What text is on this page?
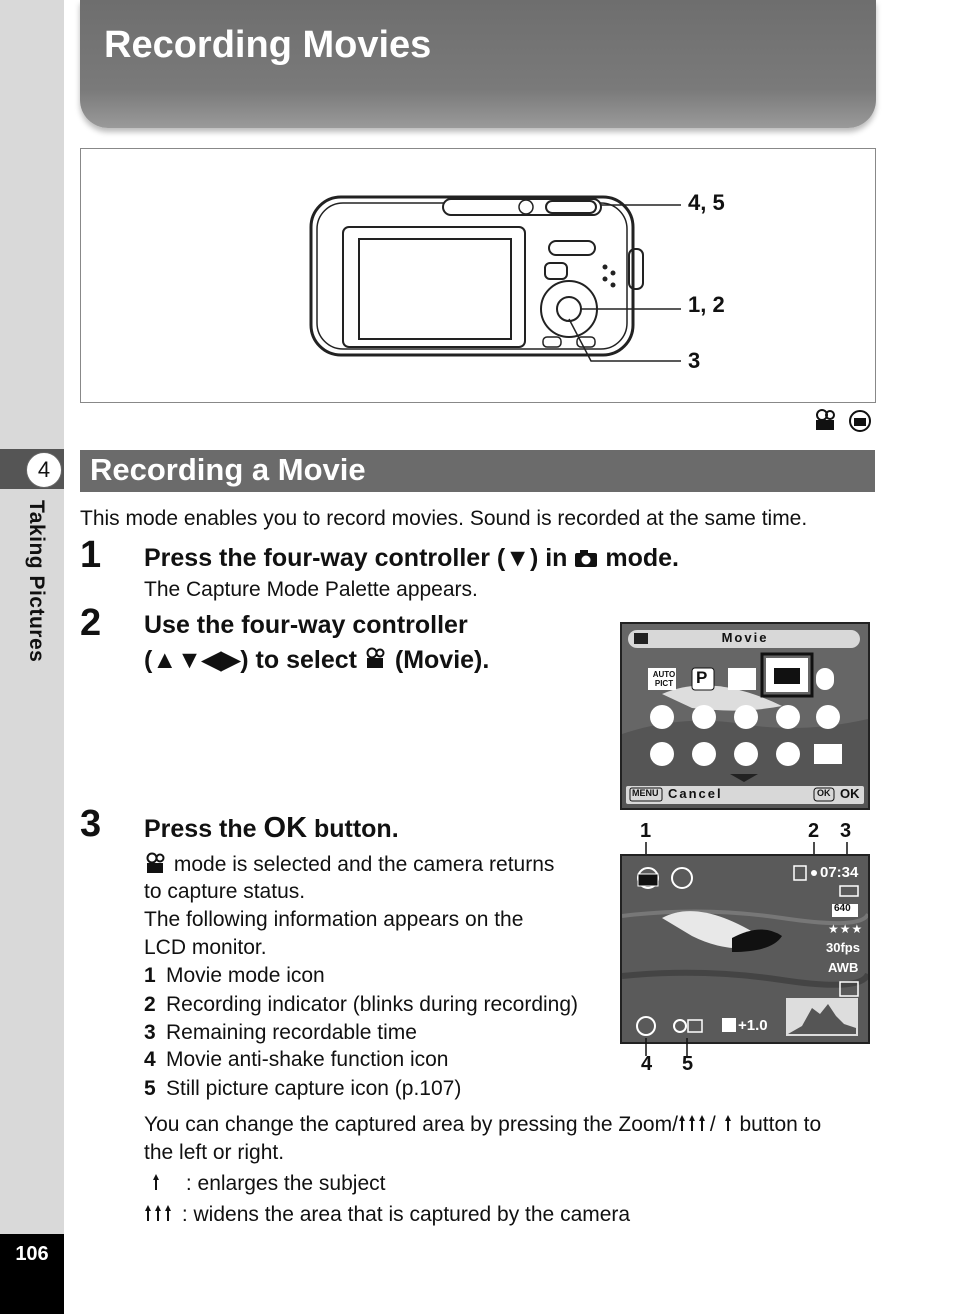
4
Taking Pictures
106
Recording Movies
4, 5
1, 2
3
Recording a Movie
This mode enables you to record movies. Sound is recorded at the same time.
1 Press the four-way controller (▼) in mode.
The Capture Mode Palette appears.
2 Use the four-way controller
(▲▼◀▶) to select (Movie).
Movie
AUTO
PICT P
MENU Cancel	OK OK
3 Press the OK button.
mode is selected and the camera returns
to capture status.
The following information appears on the
LCD monitor.
1 Movie mode icon
2 Recording indicator (blinks during recording)
3 Remaining recordable time
4 Movie anti-shake function icon
5 Still picture capture icon (p.107)
1	2 3
07:34
640
★★★
30fps
AWB
+1.0
4 5
You can change the captured area by pressing the Zoom/ /  button to
the left or right.
: enlarges the subject
: widens the area that is captured by the camera
